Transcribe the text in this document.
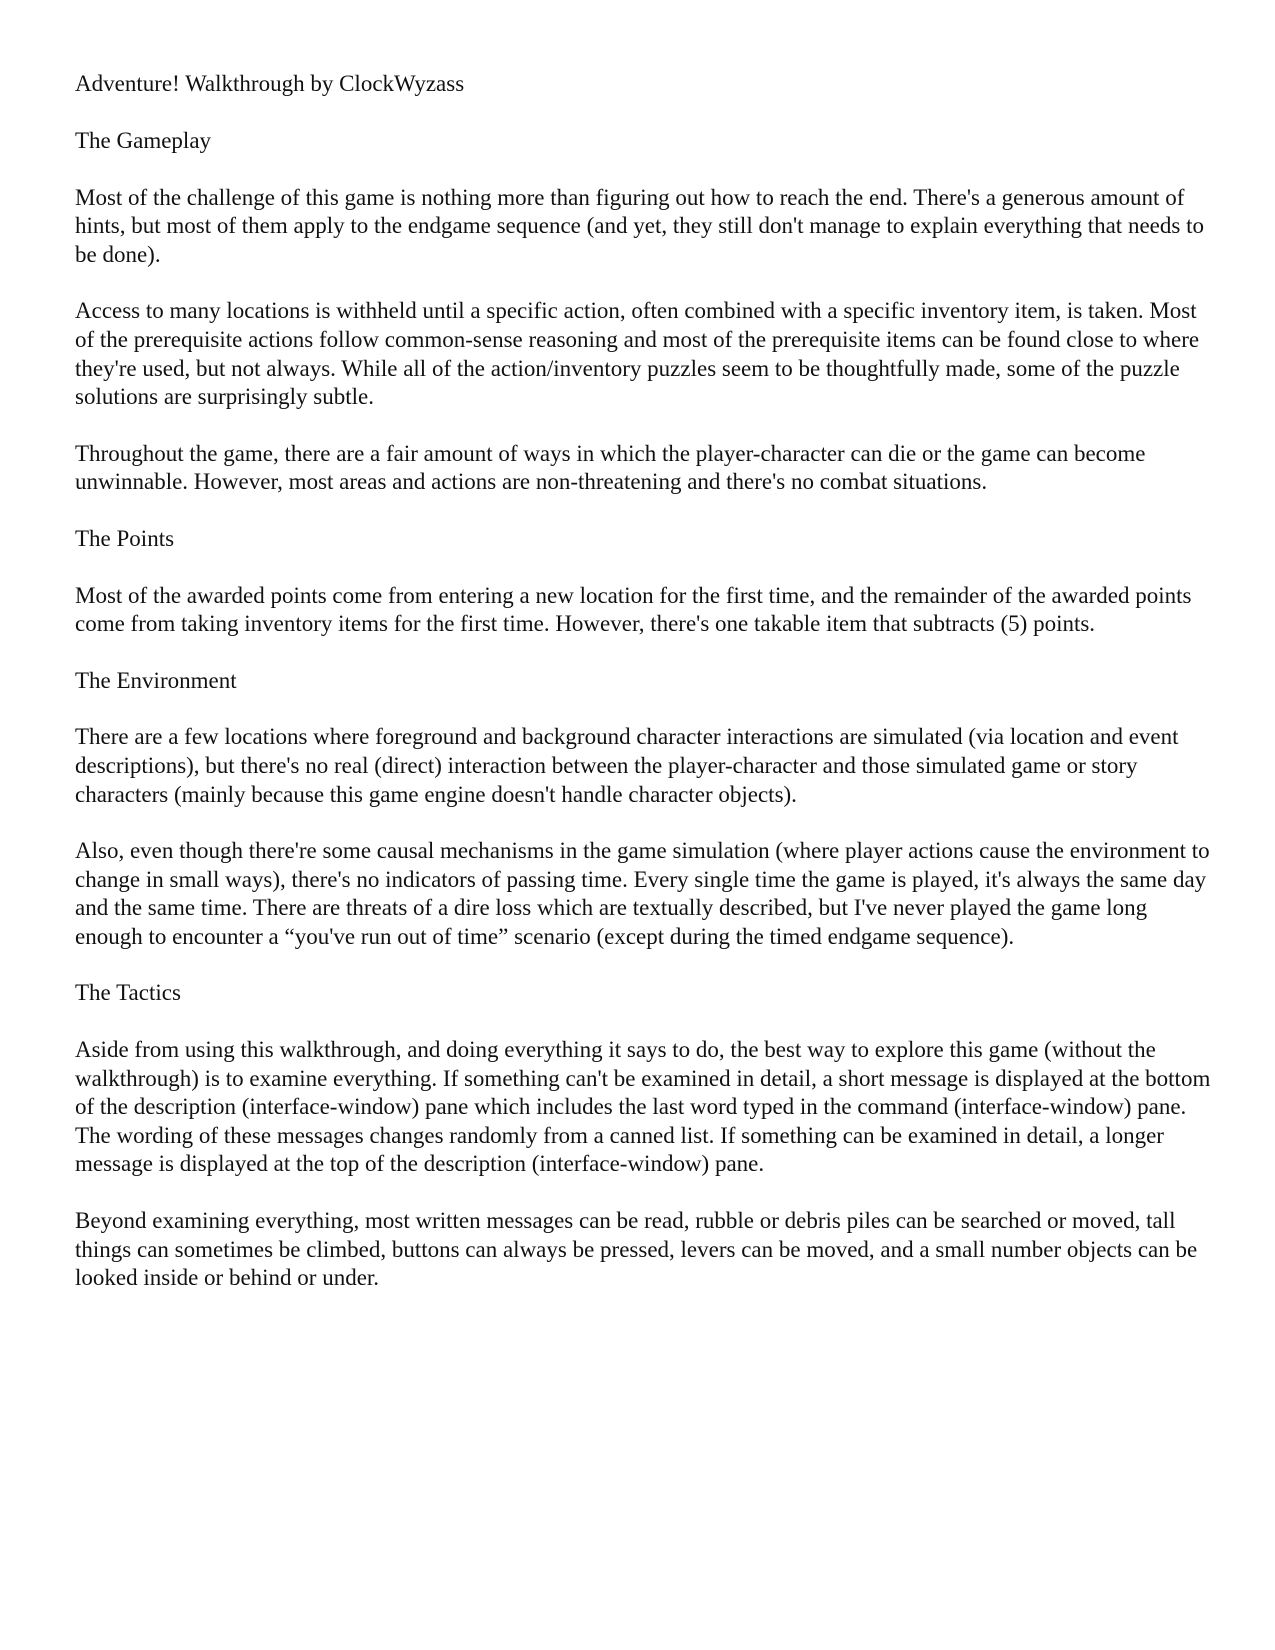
Adventure! Walkthrough by ClockWyzass

The Gameplay

Most of the challenge of this game is nothing more than figuring out how to reach the end. There's a generous amount of hints, but most of them apply to the endgame sequence (and yet, they still don't manage to explain everything that needs to be done).

Access to many locations is withheld until a specific action, often combined with a specific inventory item, is taken. Most of the prerequisite actions follow common-sense reasoning and most of the prerequisite items can be found close to where they're used, but not always. While all of the action/inventory puzzles seem to be thoughtfully made, some of the puzzle solutions are surprisingly subtle.

Throughout the game, there are a fair amount of ways in which the player-character can die or the game can become unwinnable. However, most areas and actions are non-threatening and there's no combat situations.

The Points

Most of the awarded points come from entering a new location for the first time, and the remainder of the awarded points come from taking inventory items for the first time. However, there's one takable item that subtracts (5) points.

The Environment

There are a few locations where foreground and background character interactions are simulated (via location and event descriptions), but there's no real (direct) interaction between the player-character and those simulated game or story characters (mainly because this game engine doesn't handle character objects).

Also, even though there're some causal mechanisms in the game simulation (where player actions cause the environment to change in small ways), there's no indicators of passing time. Every single time the game is played, it's always the same day and the same time. There are threats of a dire loss which are textually described, but I've never played the game long enough to encounter a “you've run out of time” scenario (except during the timed endgame sequence).

The Tactics

Aside from using this walkthrough, and doing everything it says to do, the best way to explore this game (without the walkthrough) is to examine everything. If something can't be examined in detail, a short message is displayed at the bottom of the description (interface-window) pane which includes the last word typed in the command (interface-window) pane. The wording of these messages changes randomly from a canned list. If something can be examined in detail, a longer message is displayed at the top of the description (interface-window) pane.

Beyond examining everything, most written messages can be read, rubble or debris piles can be searched or moved, tall things can sometimes be climbed, buttons can always be pressed, levers can be moved, and a small number objects can be looked inside or behind or under.
